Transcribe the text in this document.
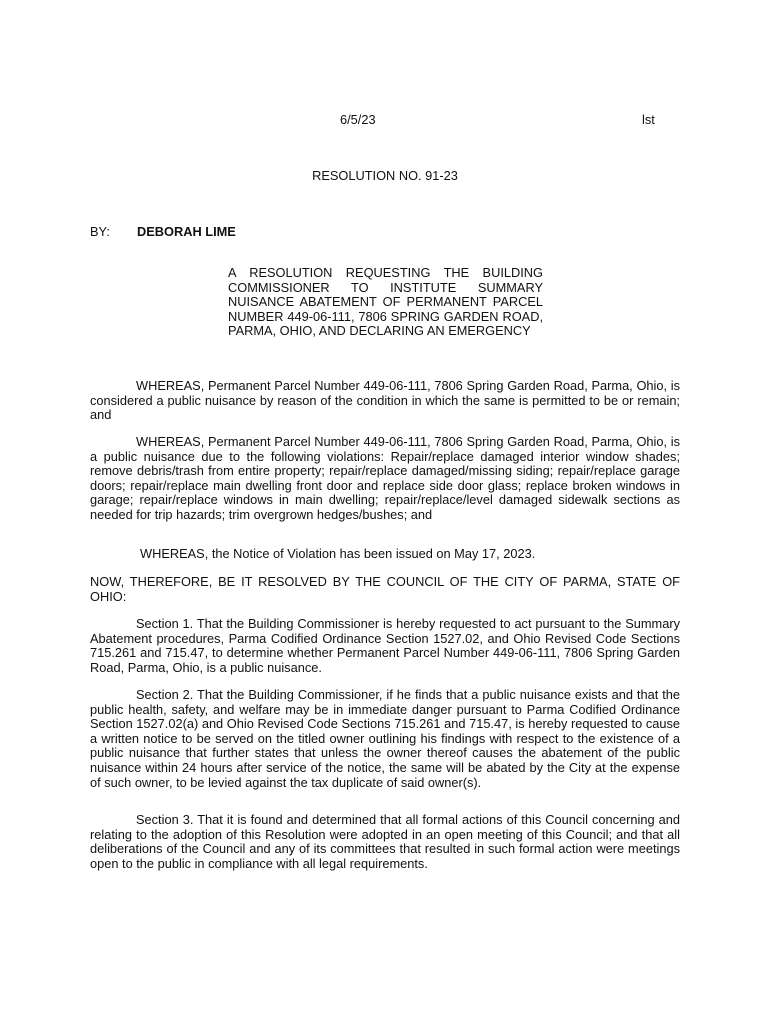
6/5/23	lst
RESOLUTION NO. 91-23
BY: DEBORAH LIME
A RESOLUTION REQUESTING THE BUILDING COMMISSIONER TO INSTITUTE SUMMARY NUISANCE ABATEMENT OF PERMANENT PARCEL NUMBER 449-06-111, 7806 SPRING GARDEN ROAD, PARMA, OHIO, AND DECLARING AN EMERGENCY

WHEREAS, Permanent Parcel Number 449-06-111, 7806 Spring Garden Road, Parma, Ohio, is considered a public nuisance by reason of the condition in which the same is permitted to be or remain; and

WHEREAS, Permanent Parcel Number 449-06-111, 7806 Spring Garden Road, Parma, Ohio, is a public nuisance due to the following violations: Repair/replace damaged interior window shades; remove debris/trash from entire property; repair/replace damaged/missing siding; repair/replace garage doors; repair/replace main dwelling front door and replace side door glass; replace broken windows in garage; repair/replace windows in main dwelling; repair/replace/level damaged sidewalk sections as needed for trip hazards; trim overgrown hedges/bushes; and

WHEREAS, the Notice of Violation has been issued on May 17, 2023.

NOW, THEREFORE, BE IT RESOLVED BY THE COUNCIL OF THE CITY OF PARMA, STATE OF OHIO:

Section 1. That the Building Commissioner is hereby requested to act pursuant to the Summary Abatement procedures, Parma Codified Ordinance Section 1527.02, and Ohio Revised Code Sections 715.261 and 715.47, to determine whether Permanent Parcel Number 449-06-111, 7806 Spring Garden Road, Parma, Ohio, is a public nuisance.

Section 2. That the Building Commissioner, if he finds that a public nuisance exists and that the public health, safety, and welfare may be in immediate danger pursuant to Parma Codified Ordinance Section 1527.02(a) and Ohio Revised Code Sections 715.261 and 715.47, is hereby requested to cause a written notice to be served on the titled owner outlining his findings with respect to the existence of a public nuisance that further states that unless the owner thereof causes the abatement of the public nuisance within 24 hours after service of the notice, the same will be abated by the City at the expense of such owner, to be levied against the tax duplicate of said owner(s).

Section 3. That it is found and determined that all formal actions of this Council concerning and relating to the adoption of this Resolution were adopted in an open meeting of this Council; and that all deliberations of the Council and any of its committees that resulted in such formal action were meetings open to the public in compliance with all legal requirements.
